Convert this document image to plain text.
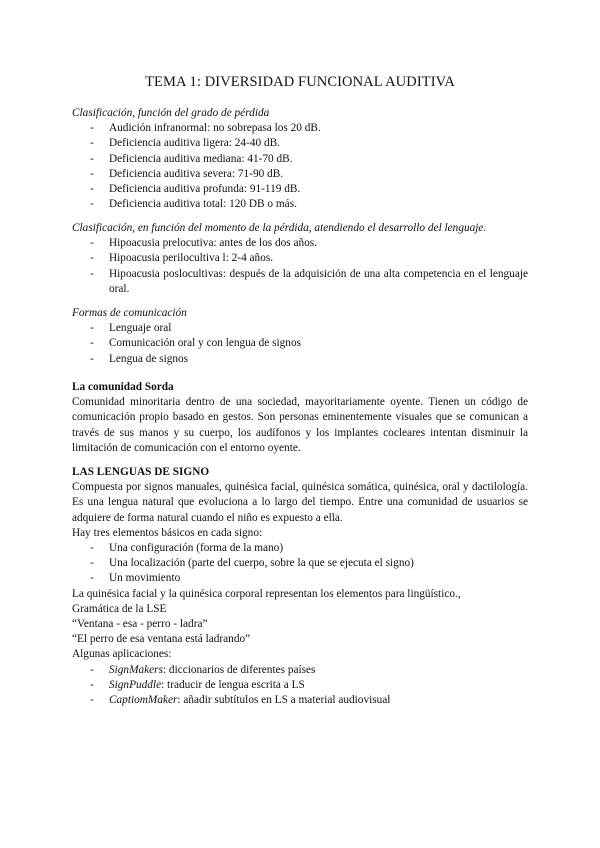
TEMA 1: DIVERSIDAD FUNCIONAL AUDITIVA

Clasificación, función del grado de pérdida

- Audición infranormal: no sobrepasa los 20 dB.
- Deficiencia auditiva ligera: 24-40 dB.
- Deficiencia auditiva mediana: 41-70 dB.
- Deficiencia auditiva severa: 71-90 dB.
- Deficiencia auditiva profunda: 91-119 dB.
- Deficiencia auditiva total: 120 DB o más.

Clasificación, en función del momento de la pérdida, atendiendo el desarrollo del lenguaje.

- Hipoacusia prelocutiva: antes de los dos años.
- Hipoacusia perilocultiva l: 2-4 años.
- Hipoacusia poslocultivas: después de la adquisición de una alta competencia en el lenguaje oral.

Formas de comunicación

- Lenguaje oral
- Comunicación oral y con lengua de signos
- Lengua de signos

La comunidad Sorda

Comunidad minoritaria dentro de una sociedad, mayoritariamente oyente. Tienen un código de comunicación propio basado en gestos. Son personas eminentemente visuales que se comunican a través de sus manos y su cuerpo, los audífonos y los implantes cocleares intentan disminuir la limitación de comunicación con el entorno oyente.

LAS LENGUAS DE SIGNO

Compuesta por signos manuales, quinésica facial, quinésica somática, quinésica, oral y dactilología. Es una lengua natural que evoluciona a lo largo del tiempo. Entre una comunidad de usuarios se adquiere de forma natural cuando el niño es expuesto a ella.

Hay tres elementos básicos en cada signo:

- Una configuración (forma de la mano)
- Una localización (parte del cuerpo, sobre la que se ejecuta el signo)
- Un movimiento

La quinésica facial y la quinésica corporal representan los elementos para lingüístico.,

Gramática de la LSE

“Ventana - esa - perro - ladra”

“El perro de esa ventana está ladrando”

Algunas aplicaciones:

- SignMakers: diccionarios de diferentes países
- SignPuddle: traducir de lengua escrita a LS
- CaptiomMaker: añadir subtítulos en LS a material audiovisual
